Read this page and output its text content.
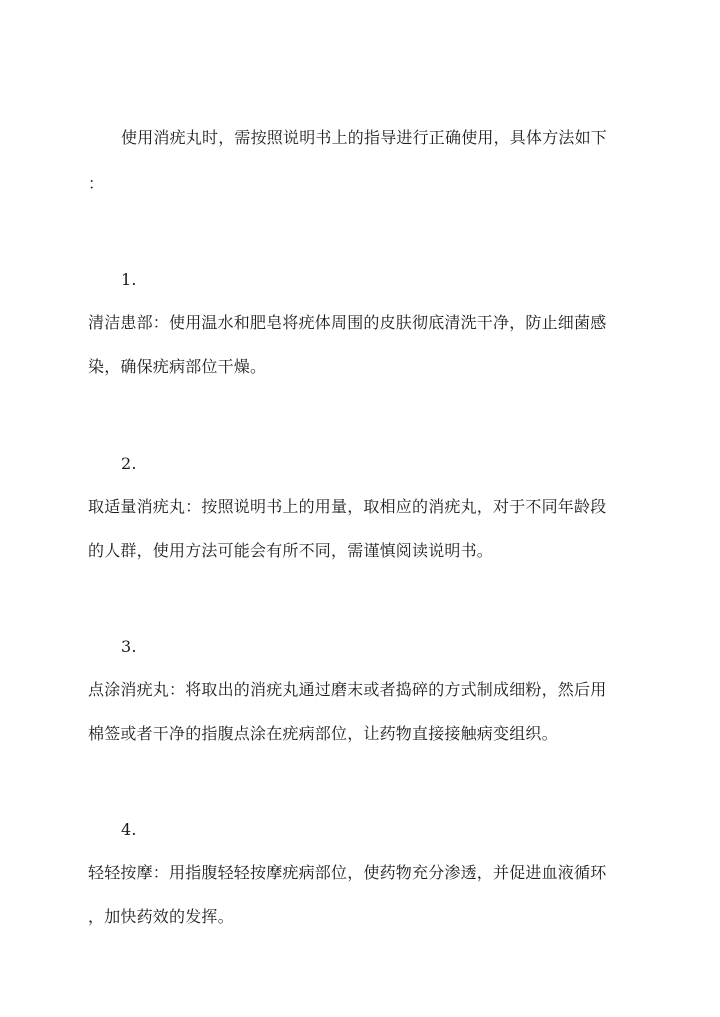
使用消疣丸时，需按照说明书上的指导进行正确使用，具体方法如下
：
1.
清洁患部：使用温水和肥皂将疣体周围的皮肤彻底清洗干净，防止细菌感
染，确保疣病部位干燥。
2.
取适量消疣丸：按照说明书上的用量，取相应的消疣丸，对于不同年龄段
的人群，使用方法可能会有所不同，需谨慎阅读说明书。
3.
点涂消疣丸：将取出的消疣丸通过磨末或者捣碎的方式制成细粉，然后用
棉签或者干净的指腹点涂在疣病部位，让药物直接接触病变组织。
4.
轻轻按摩：用指腹轻轻按摩疣病部位，使药物充分渗透，并促进血液循环
，加快药效的发挥。
